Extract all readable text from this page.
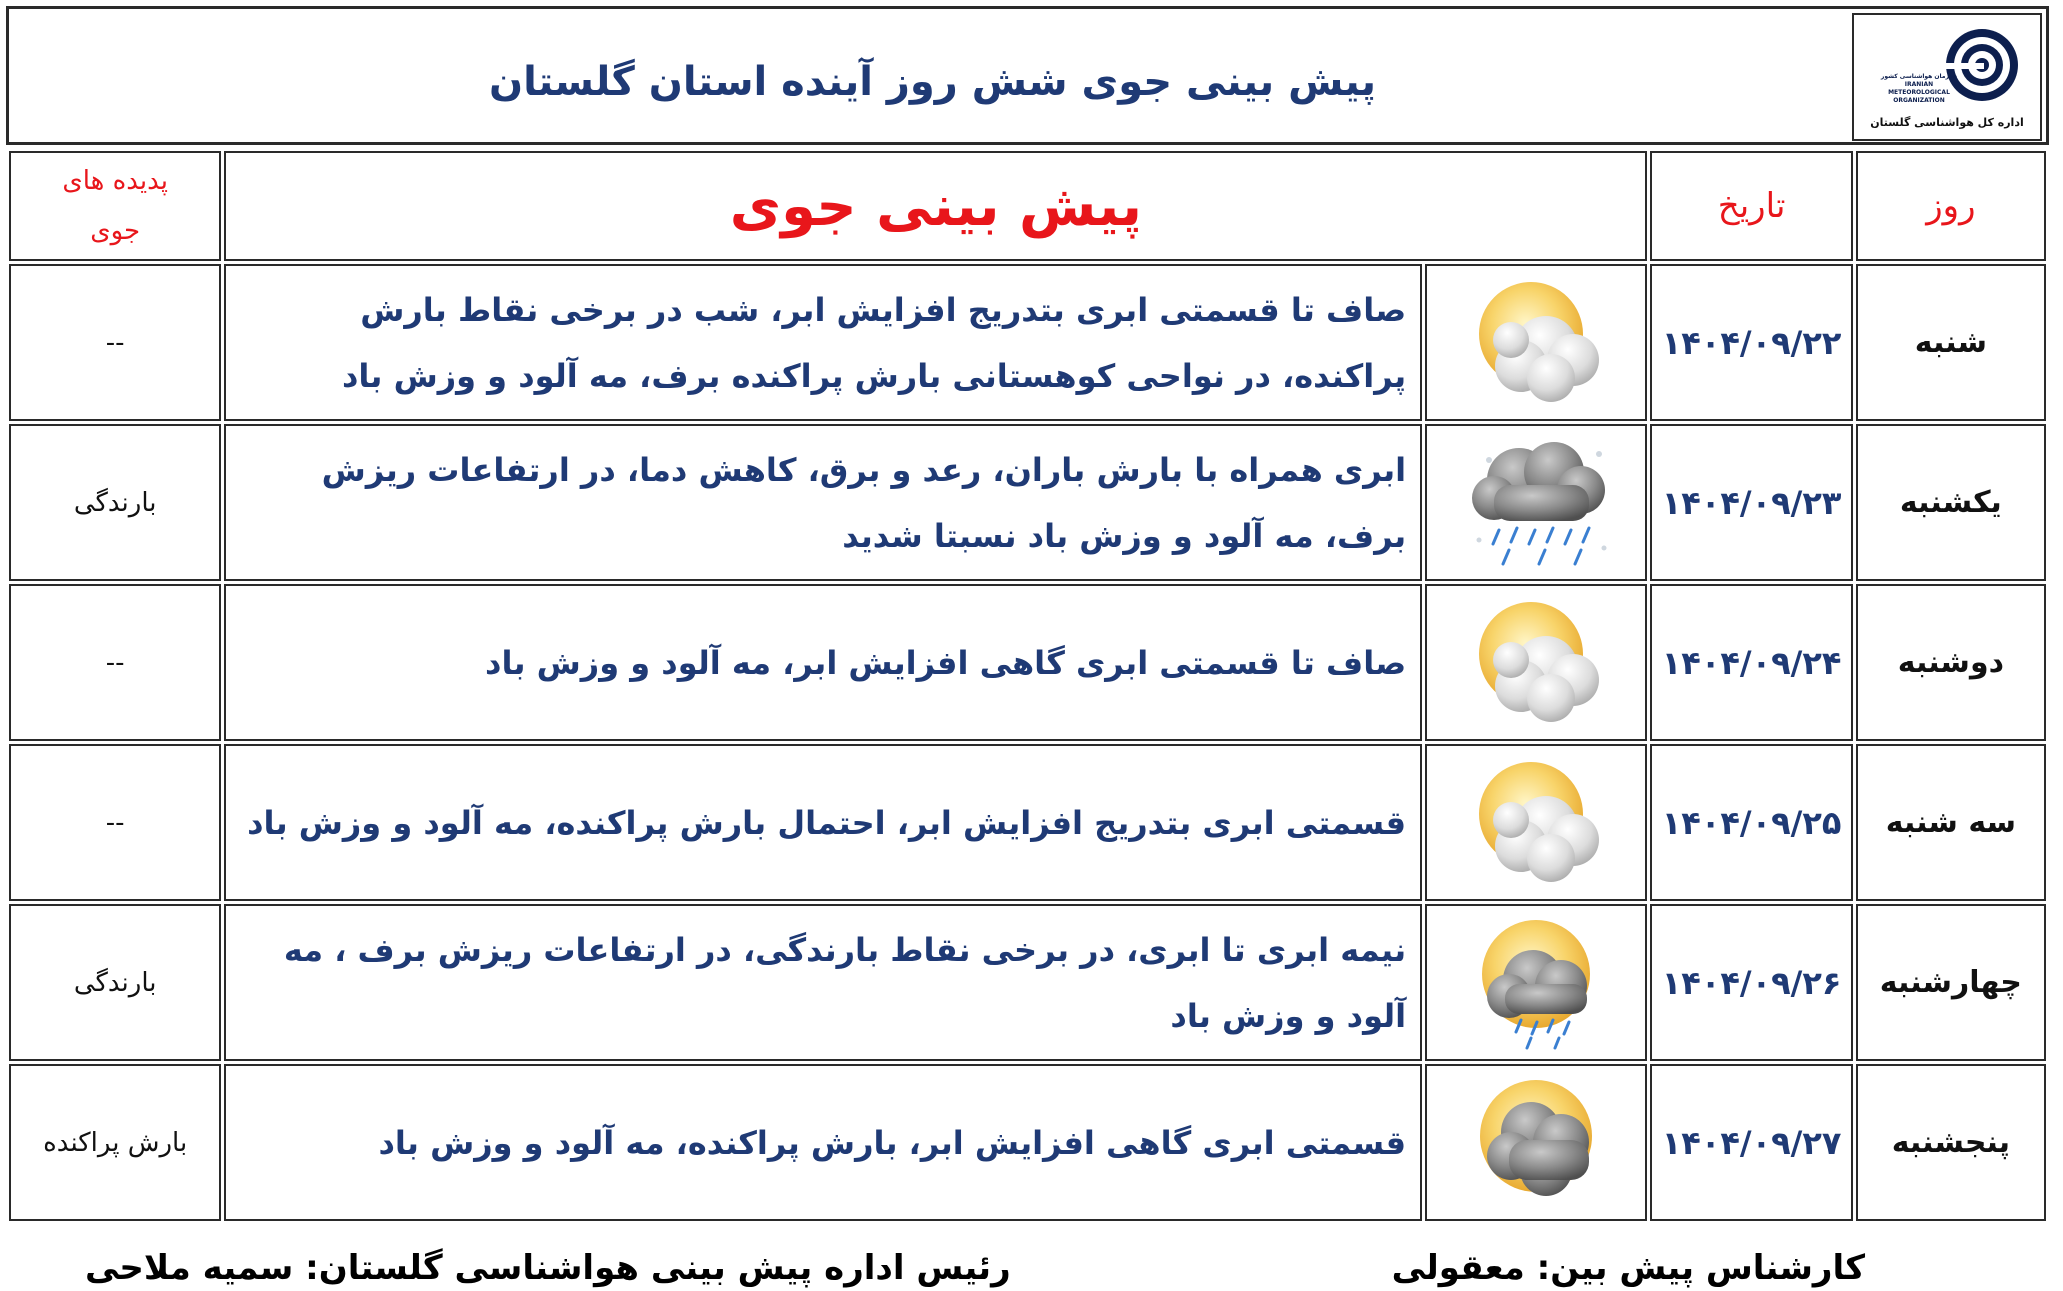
پیش بینی جوی شش روز آینده استان گلستان	سازمان هواشناسی کشور
IRANIAN
METEOROLOGICAL
ORGANIZATION
اداره کل هواشناسی گلستان
روز	تاریخ	پیش بینی جوی		پدیده های
جوی

شنبه	۱۴۰۴/۰۹/۲۲		صاف تا قسمتی ابری بتدریج افزایش ابر، شب در برخی نقاط بارش پراکنده، در نواحی کوهستانی بارش پراکنده برف، مه آلود و وزش باد	--
یکشنبه	۱۴۰۴/۰۹/۲۳		ابری همراه با بارش باران، رعد و برق، کاهش دما، در ارتفاعات ریزش برف، مه آلود و وزش باد نسبتا شدید	بارندگی
دوشنبه	۱۴۰۴/۰۹/۲۴		صاف تا قسمتی ابری گاهی افزایش ابر، مه آلود و وزش باد	--
سه شنبه	۱۴۰۴/۰۹/۲۵		قسمتی ابری بتدریج افزایش ابر، احتمال بارش پراکنده، مه آلود و وزش باد	--
چهارشنبه	۱۴۰۴/۰۹/۲۶		نیمه ابری تا ابری، در برخی نقاط بارندگی، در ارتفاعات ریزش برف ، مه آلود و وزش باد	بارندگی
پنجشنبه	۱۴۰۴/۰۹/۲۷		قسمتی ابری گاهی افزایش ابر، بارش پراکنده، مه آلود و وزش باد	بارش پراکنده
کارشناس پیش بین: معقولی
رئیس اداره پیش بینی هواشناسی گلستان: سمیه ملاحی
